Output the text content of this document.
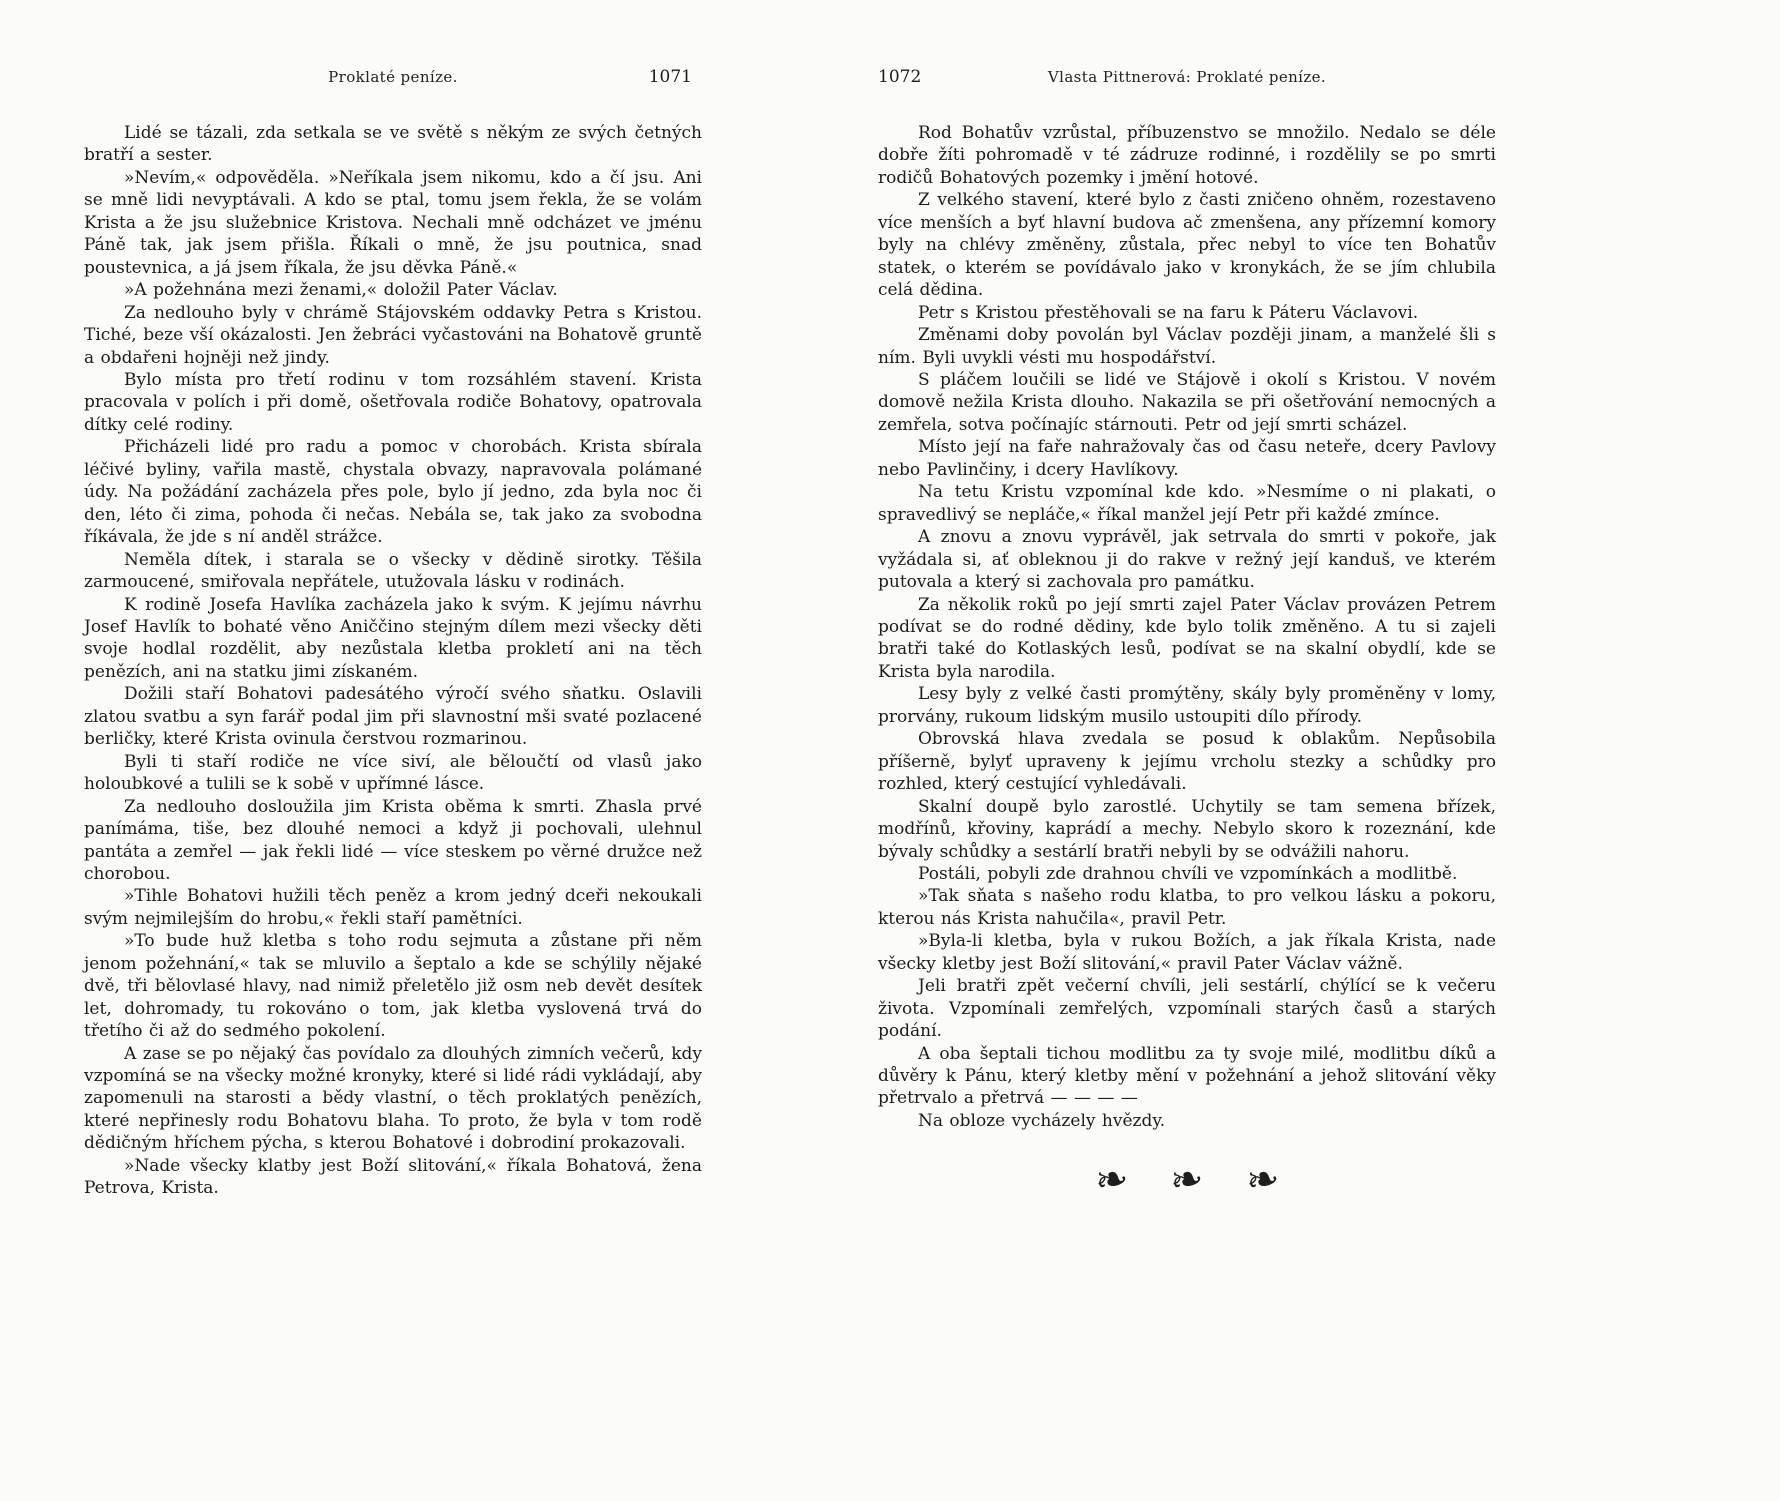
Proklaté peníze.	1071

Lidé se tázali, zda setkala se ve světě s někým ze svých četných bratří a sester.

»Nevím,« odpověděla. »Neříkala jsem nikomu, kdo a čí jsu. Ani se mně lidi nevyptávali. A kdo se ptal, tomu jsem řekla, že se volám Krista a že jsu služebnice Kristova. Nechali mně odcházet ve jménu Páně tak, jak jsem přišla. Říkali o mně, že jsu poutnica, snad poustevnica, a já jsem říkala, že jsu děvka Páně.«

»A požehnána mezi ženami,« doložil Pater Václav.

Za nedlouho byly v chrámě Stájovském oddavky Petra s Kristou. Tiché, beze vší okázalosti. Jen žebráci vyčastováni na Bohatově gruntě a obdařeni hojněji než jindy.

Bylo místa pro třetí rodinu v tom rozsáhlém stavení. Krista pracovala v polích i při domě, ošetřovala rodiče Bohatovy, opatrovala dítky celé rodiny.

Přicházeli lidé pro radu a pomoc v chorobách. Krista sbírala léčivé byliny, vařila mastě, chystala obvazy, napravovala polámané údy. Na požádání zacházela přes pole, bylo jí jedno, zda byla noc či den, léto či zima, pohoda či nečas. Nebála se, tak jako za svobodna říkávala, že jde s ní anděl strážce.

Neměla dítek, i starala se o všecky v dědině sirotky. Těšila zarmoucené, smiřovala nepřátele, utužovala lásku v rodinách.

K rodině Josefa Havlíka zacházela jako k svým. K jejímu návrhu Josef Havlík to bohaté věno Aniččino stejným dílem mezi všecky děti svoje hodlal rozdělit, aby nezůstala kletba prokletí ani na těch penězích, ani na statku jimi získaném.

Dožili staří Bohatovi padesátého výročí svého sňatku. Oslavili zlatou svatbu a syn farář podal jim při slavnostní mši svaté pozlacené berličky, které Krista ovinula čerstvou rozmarinou.

Byli ti staří rodiče ne více siví, ale běloučtí od vlasů jako holoubkové a tulili se k sobě v upřímné lásce.

Za nedlouho dosloužila jim Krista oběma k smrti. Zhasla prvé panímáma, tiše, bez dlouhé nemoci a když ji pochovali, ulehnul pantáta a zemřel — jak řekli lidé — více steskem po věrné družce než chorobou.

»Tihle Bohatovi hužili těch peněz a krom jedný dceři nekoukali svým nejmilejším do hrobu,« řekli staří pamětníci.

»To bude huž kletba s toho rodu sejmuta a zůstane při něm jenom požehnání,« tak se mluvilo a šeptalo a kde se schýlily nějaké dvě, tři bělovlasé hlavy, nad nimiž přeletělo již osm neb devět desítek let, dohromady, tu rokováno o tom, jak kletba vyslovená trvá do třetího či až do sedmého pokolení.

A zase se po nějaký čas povídalo za dlouhých zimních večerů, kdy vzpomíná se na všecky možné kronyky, které si lidé rádi vykládají, aby zapomenuli na starosti a bědy vlastní, o těch proklatých penězích, které nepřinesly rodu Bohatovu blaha. To proto, že byla v tom rodě dědičným hříchem pýcha, s kterou Bohatové i dobrodiní prokazovali.

»Nade všecky klatby jest Boží slitování,« říkala Bohatová, žena Petrova, Krista.

1072	Vlasta Pittnerová: Proklaté peníze.

Rod Bohatův vzrůstal, příbuzenstvo se množilo. Nedalo se déle dobře žíti pohromadě v té zádruze rodinné, i rozdělily se po smrti rodičů Bohatových pozemky i jmění hotové.

Z velkého stavení, které bylo z časti zničeno ohněm, rozestaveno více menších a byť hlavní budova ač zmenšena, any přízemní komory byly na chlévy změněny, zůstala, přec nebyl to více ten Bohatův statek, o kterém se povídávalo jako v kronykách, že se jím chlubila celá dědina.

Petr s Kristou přestěhovali se na faru k Páteru Václavovi.

Změnami doby povolán byl Václav později jinam, a manželé šli s ním. Byli uvykli vésti mu hospodářství.

S pláčem loučili se lidé ve Stájově i okolí s Kristou. V novém domově nežila Krista dlouho. Nakazila se při ošetřování nemocných a zemřela, sotva počínajíc stárnouti. Petr od její smrti scházel.

Místo její na faře nahražovaly čas od času neteře, dcery Pavlovy nebo Pavlinčiny, i dcery Havlíkovy.

Na tetu Kristu vzpomínal kde kdo. »Nesmíme o ni plakati, o spravedlivý se nepláče,« říkal manžel její Petr při každé zmínce.

A znovu a znovu vyprávěl, jak setrvala do smrti v pokoře, jak vyžádala si, ať obleknou ji do rakve v režný její kanduš, ve kterém putovala a který si zachovala pro památku.

Za několik roků po její smrti zajel Pater Václav provázen Petrem podívat se do rodné dědiny, kde bylo tolik změněno. A tu si zajeli bratři také do Kotlaských lesů, podívat se na skalní obydlí, kde se Krista byla narodila.

Lesy byly z velké časti promýtěny, skály byly proměněny v lomy, prorvány, rukoum lidským musilo ustoupiti dílo přírody.

Obrovská hlava zvedala se posud k oblakům. Nepůsobila příšerně, bylyť upraveny k jejímu vrcholu stezky a schůdky pro rozhled, který cestující vyhledávali.

Skalní doupě bylo zarostlé. Uchytily se tam semena břízek, modřínů, křoviny, kaprádí a mechy. Nebylo skoro k rozeznání, kde bývaly schůdky a sestárlí bratři nebyli by se odvážili nahoru.

Postáli, pobyli zde drahnou chvíli ve vzpomínkách a modlitbě.

»Tak sňata s našeho rodu klatba, to pro velkou lásku a pokoru, kterou nás Krista nahučila«, pravil Petr.

»Byla-li kletba, byla v rukou Božích, a jak říkala Krista, nade všecky kletby jest Boží slitování,« pravil Pater Václav vážně.

Jeli bratři zpět večerní chvíli, jeli sestárlí, chýlící se k večeru života. Vzpomínali zemřelých, vzpomínali starých časů a starých podání.

A oba šeptali tichou modlitbu za ty svoje milé, modlitbu díků a důvěry k Pánu, který kletby mění v požehnání a jehož slitování věky přetrvalo a přetrvá — — — —

Na obloze vycházely hvězdy.

❧ ❧ ❧
